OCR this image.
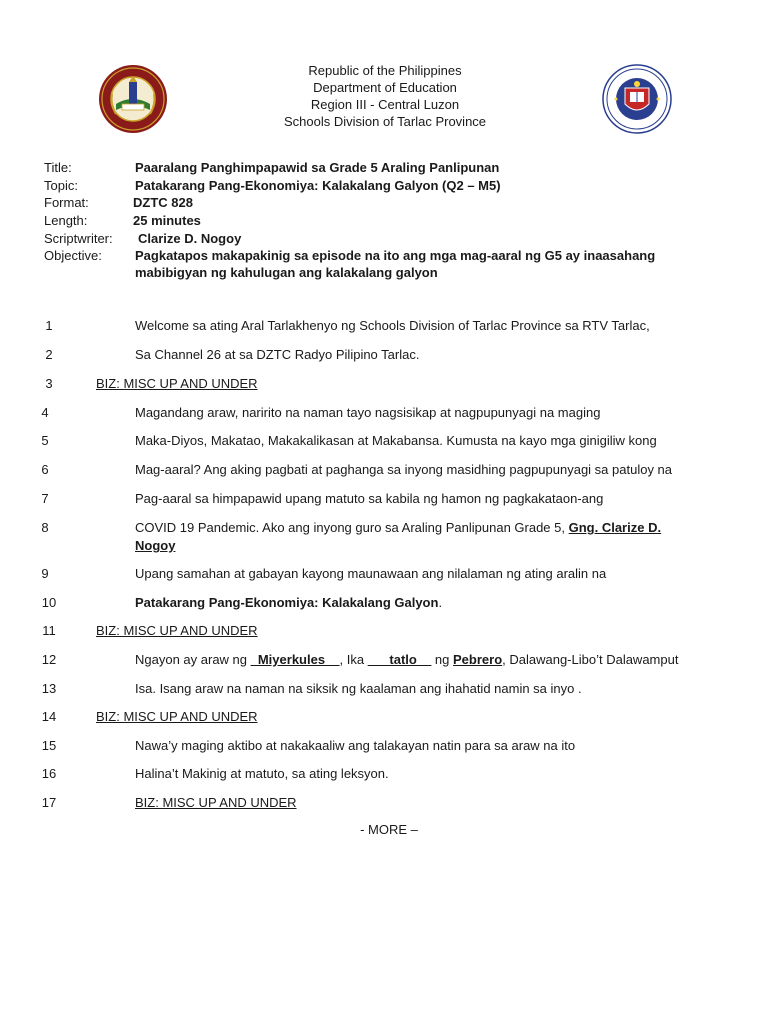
Republic of the Philippines
Department of Education
Region III - Central Luzon
Schools Division of Tarlac Province
Title:	Paaralang Panghimpapawid sa Grade 5 Araling Panlipunan
Topic:	Patakarang Pang-Ekonomiya: Kalakalang Galyon (Q2 – M5)
Format:	DZTC 828
Length:	25 minutes
Scriptwriter:	Clarize D. Nogoy
Objective:	Pagkatapos makapakinig sa episode na ito ang mga mag-aaral ng G5 ay inaasahang mabibigyan ng kahulugan ang kalakalang galyon
1	Welcome sa ating Aral Tarlakhenyo ng Schools Division of Tarlac Province sa RTV Tarlac,
2	Sa Channel 26 at sa DZTC Radyo Pilipino Tarlac.
3	BIZ: MISC UP AND UNDER
4	Magandang araw, naririto na naman tayo nagsisikap at nagpupunyagi na maging
5	Maka-Diyos, Makatao, Makakalikasan at Makabansa. Kumusta na kayo mga ginigiliw kong
6	Mag-aaral? Ang aking pagbati at paghanga sa inyong masidhing pagpupunyagi sa patuloy na
7	Pag-aaral sa himpapawid upang matuto sa kabila ng hamon ng pagkakataon-ang
8	COVID 19 Pandemic. Ako ang inyong guro sa Araling Panlipunan Grade 5, Gng. Clarize D.
Nogoy
9	Upang samahan at gabayan kayong maunawaan ang nilalaman ng ating aralin na
10	Patakarang Pang-Ekonomiya: Kalakalang Galyon.
11	BIZ: MISC UP AND UNDER
12	Ngayon ay araw ng _Miyerkules__, Ika ___tatlo__ ng Pebrero, Dalawang-Libo’t Dalawamput
13	Isa. Isang araw na naman na siksik ng kaalaman ang ihahatid namin sa inyo .
14	BIZ: MISC UP AND UNDER
15	Nawa’y maging aktibo at nakakaaliw ang talakayan natin para sa araw na ito
16	Halina’t Makinig at matuto, sa ating leksyon.
17	BIZ: MISC UP AND UNDER
- MORE –
